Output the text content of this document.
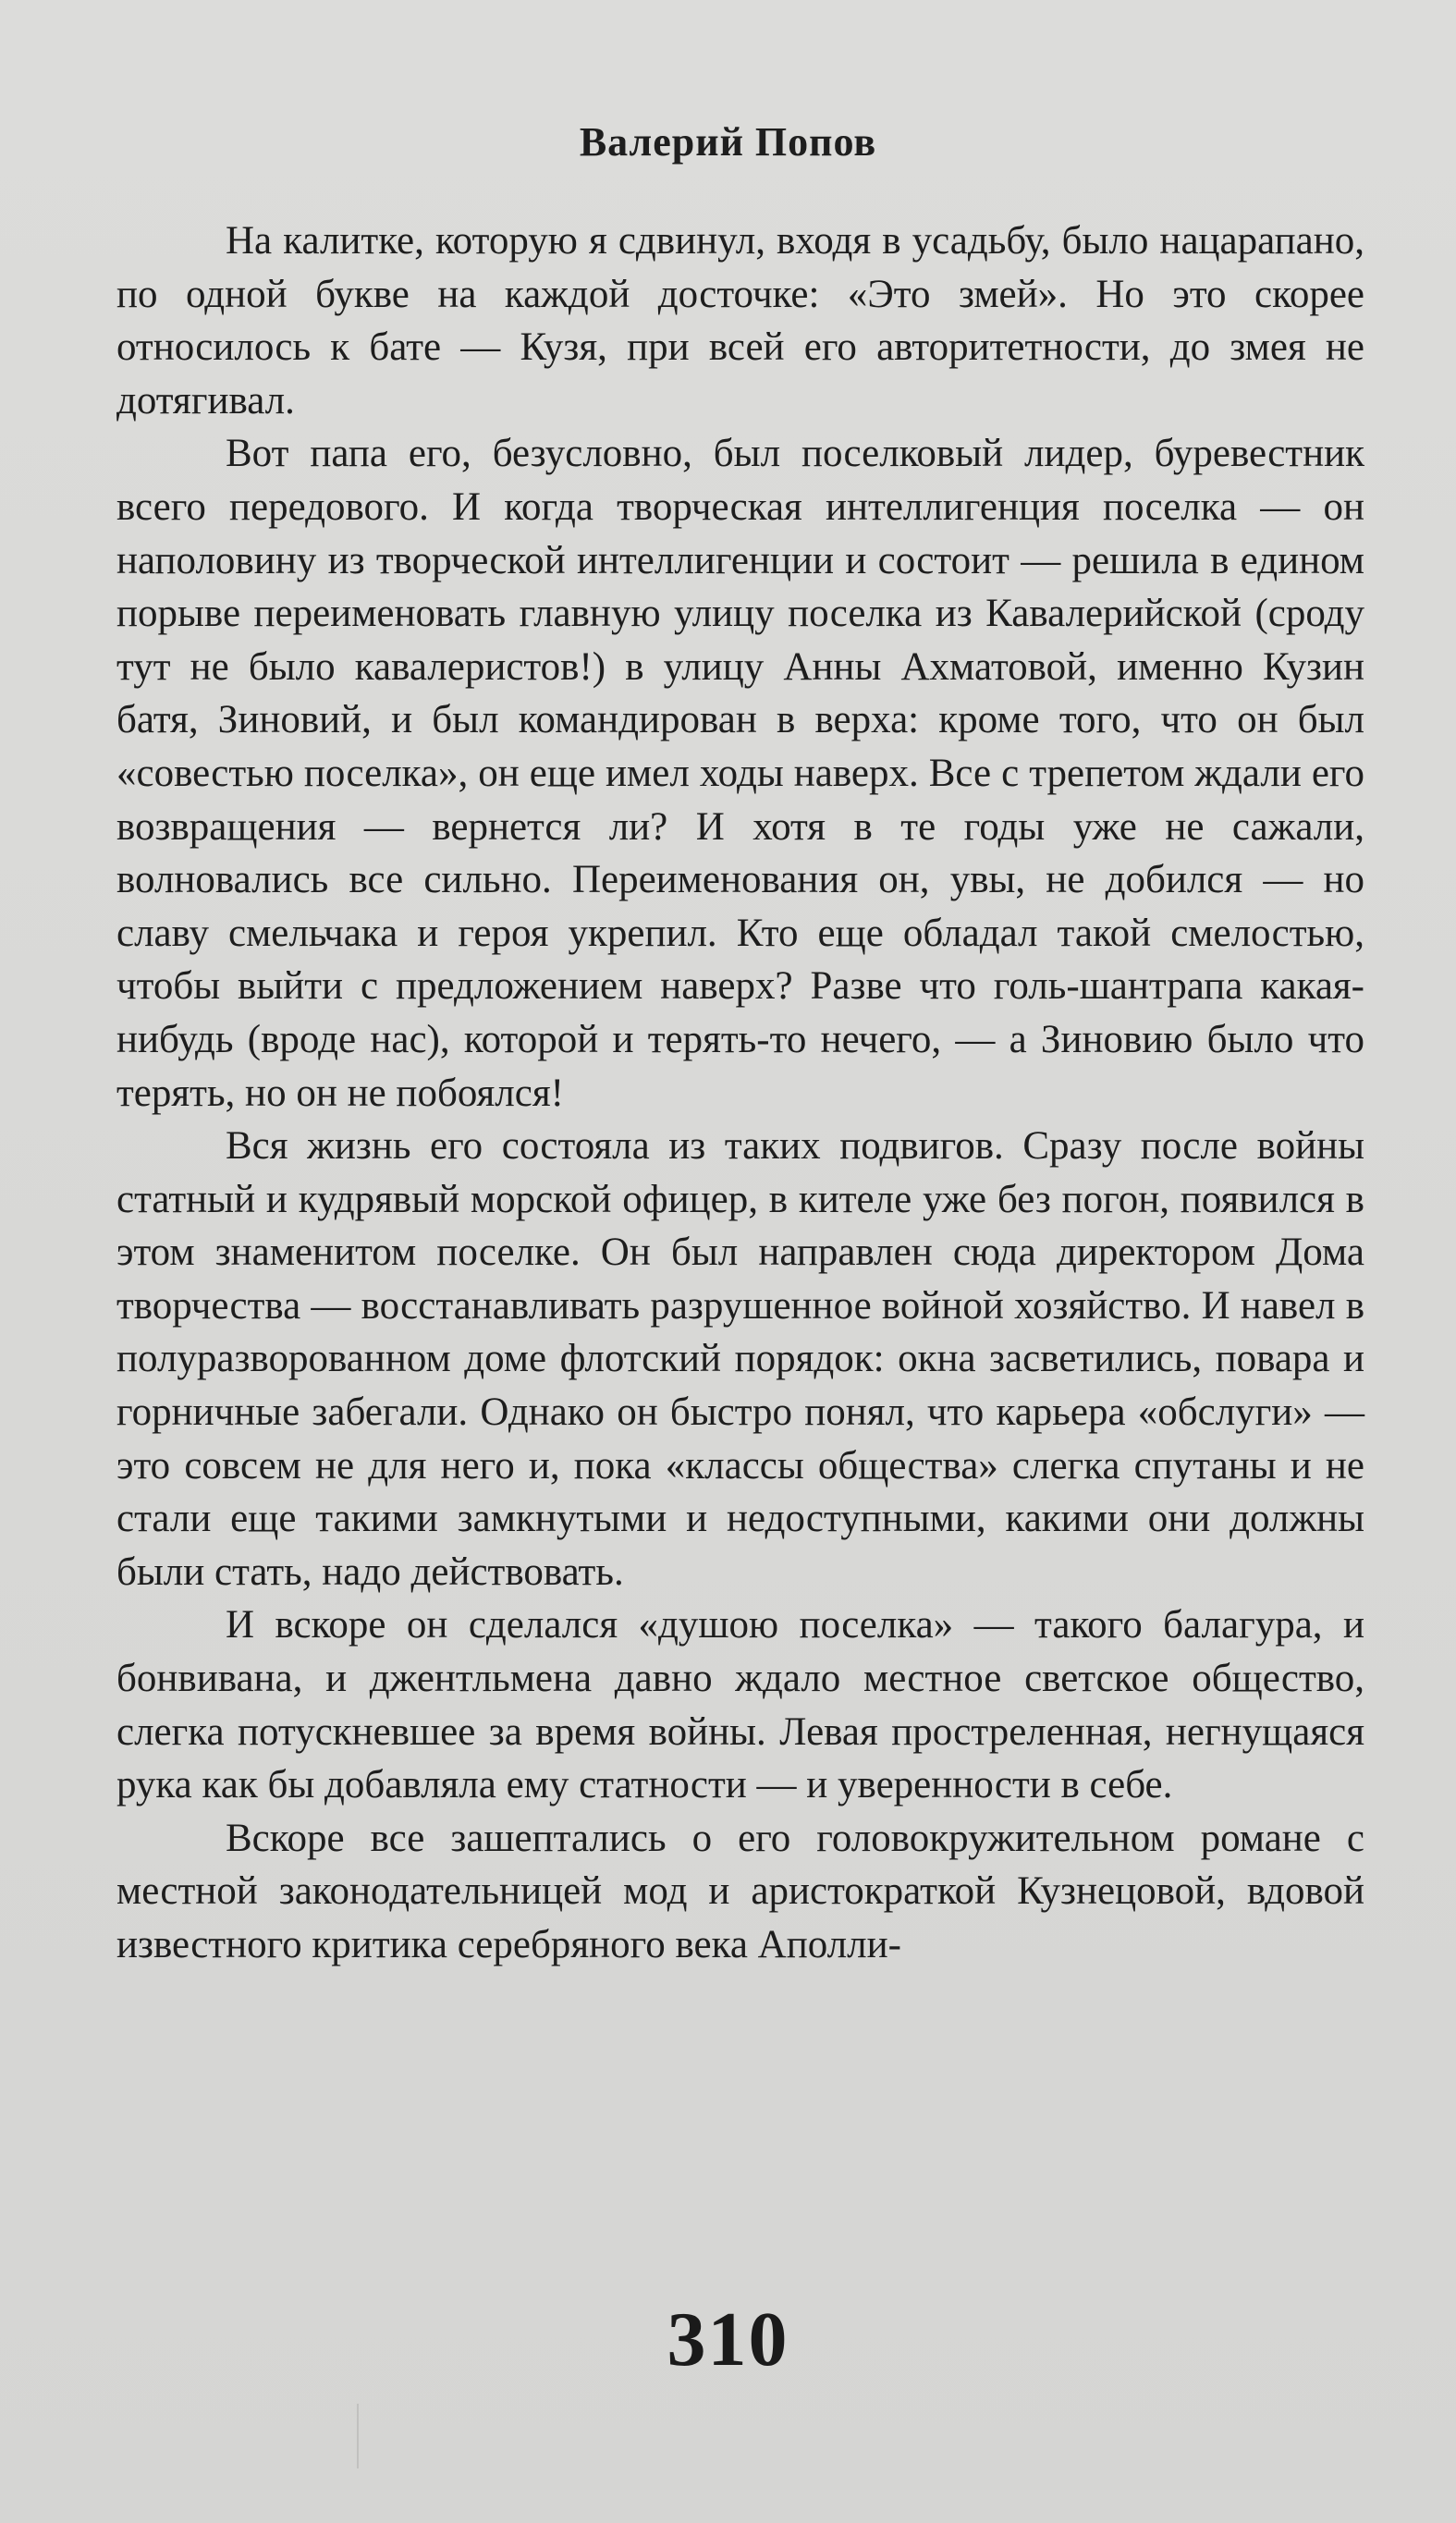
Валерий Попов

На калитке, которую я сдвинул, входя в усадьбу, было нацарапано, по одной букве на каждой досточке: «Это змей». Но это скорее относилось к бате — Кузя, при всей его авторитетности, до змея не дотягивал.

Вот папа его, безусловно, был поселковый лидер, буревестник всего передового. И когда творческая интеллигенция поселка — он наполовину из творческой интеллигенции и состоит — решила в едином порыве переименовать главную улицу поселка из Кавалерийской (сроду тут не было кавалеристов!) в улицу Анны Ахматовой, именно Кузин батя, Зиновий, и был командирован в верха: кроме того, что он был «совестью поселка», он еще имел ходы наверх. Все с трепетом ждали его возвращения — вернется ли? И хотя в те годы уже не сажали, волновались все сильно. Переименования он, увы, не добился — но славу смельчака и героя укрепил. Кто еще обладал такой смелостью, чтобы выйти с предложением наверх? Разве что голь-шантрапа какая-нибудь (вроде нас), которой и терять-то нечего, — а Зиновию было что терять, но он не побоялся!

Вся жизнь его состояла из таких подвигов. Сразу после войны статный и кудрявый морской офицер, в кителе уже без погон, появился в этом знаменитом поселке. Он был направлен сюда директором Дома творчества — восстанавливать разрушенное войной хозяйство. И навел в полуразворованном доме флотский порядок: окна засветились, повара и горничные забегали. Однако он быстро понял, что карьера «обслуги» — это совсем не для него и, пока «классы общества» слегка спутаны и не стали еще такими замкнутыми и недоступными, какими они должны были стать, надо действовать.

И вскоре он сделался «душою поселка» — такого балагура, и бонвивана, и джентльмена давно ждало местное светское общество, слегка потускневшее за время войны. Левая простреленная, негнущаяся рука как бы добавляла ему статности — и уверенности в себе.

Вскоре все зашептались о его головокружительном романе с местной законодательницей мод и аристократкой Кузнецовой, вдовой известного критика серебряного века Аполли-

310
